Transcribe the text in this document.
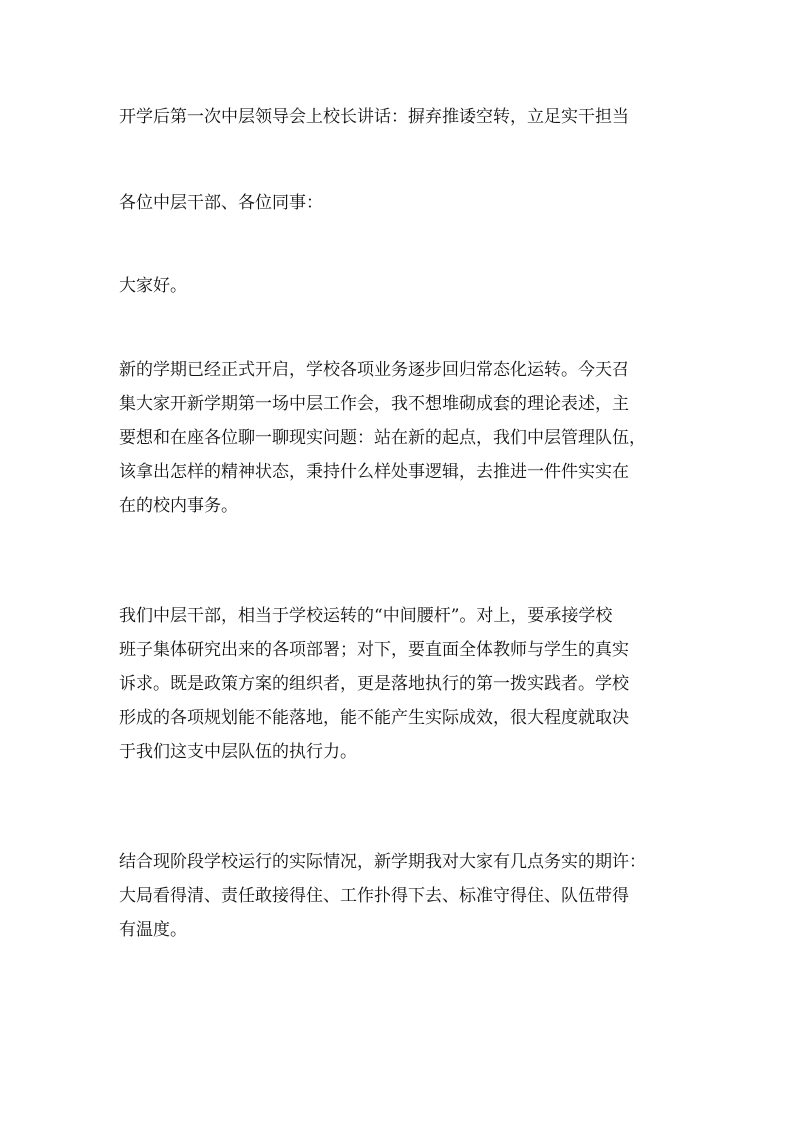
开学后第一次中层领导会上校长讲话：摒弃推诿空转，立足实干担当
各位中层干部、各位同事：
大家好。
新的学期已经正式开启，学校各项业务逐步回归常态化运转。今天召
集大家开新学期第一场中层工作会，我不想堆砌成套的理论表述，主
要想和在座各位聊一聊现实问题：站在新的起点，我们中层管理队伍，
该拿出怎样的精神状态，秉持什么样处事逻辑，去推进一件件实实在
在的校内事务。
我们中层干部，相当于学校运转的“中间腰杆”。对上，要承接学校
班子集体研究出来的各项部署；对下，要直面全体教师与学生的真实
诉求。既是政策方案的组织者，更是落地执行的第一拨实践者。学校
形成的各项规划能不能落地，能不能产生实际成效，很大程度就取决
于我们这支中层队伍的执行力。
结合现阶段学校运行的实际情况，新学期我对大家有几点务实的期许：
大局看得清、责任敢接得住、工作扑得下去、标准守得住、队伍带得
有温度。
